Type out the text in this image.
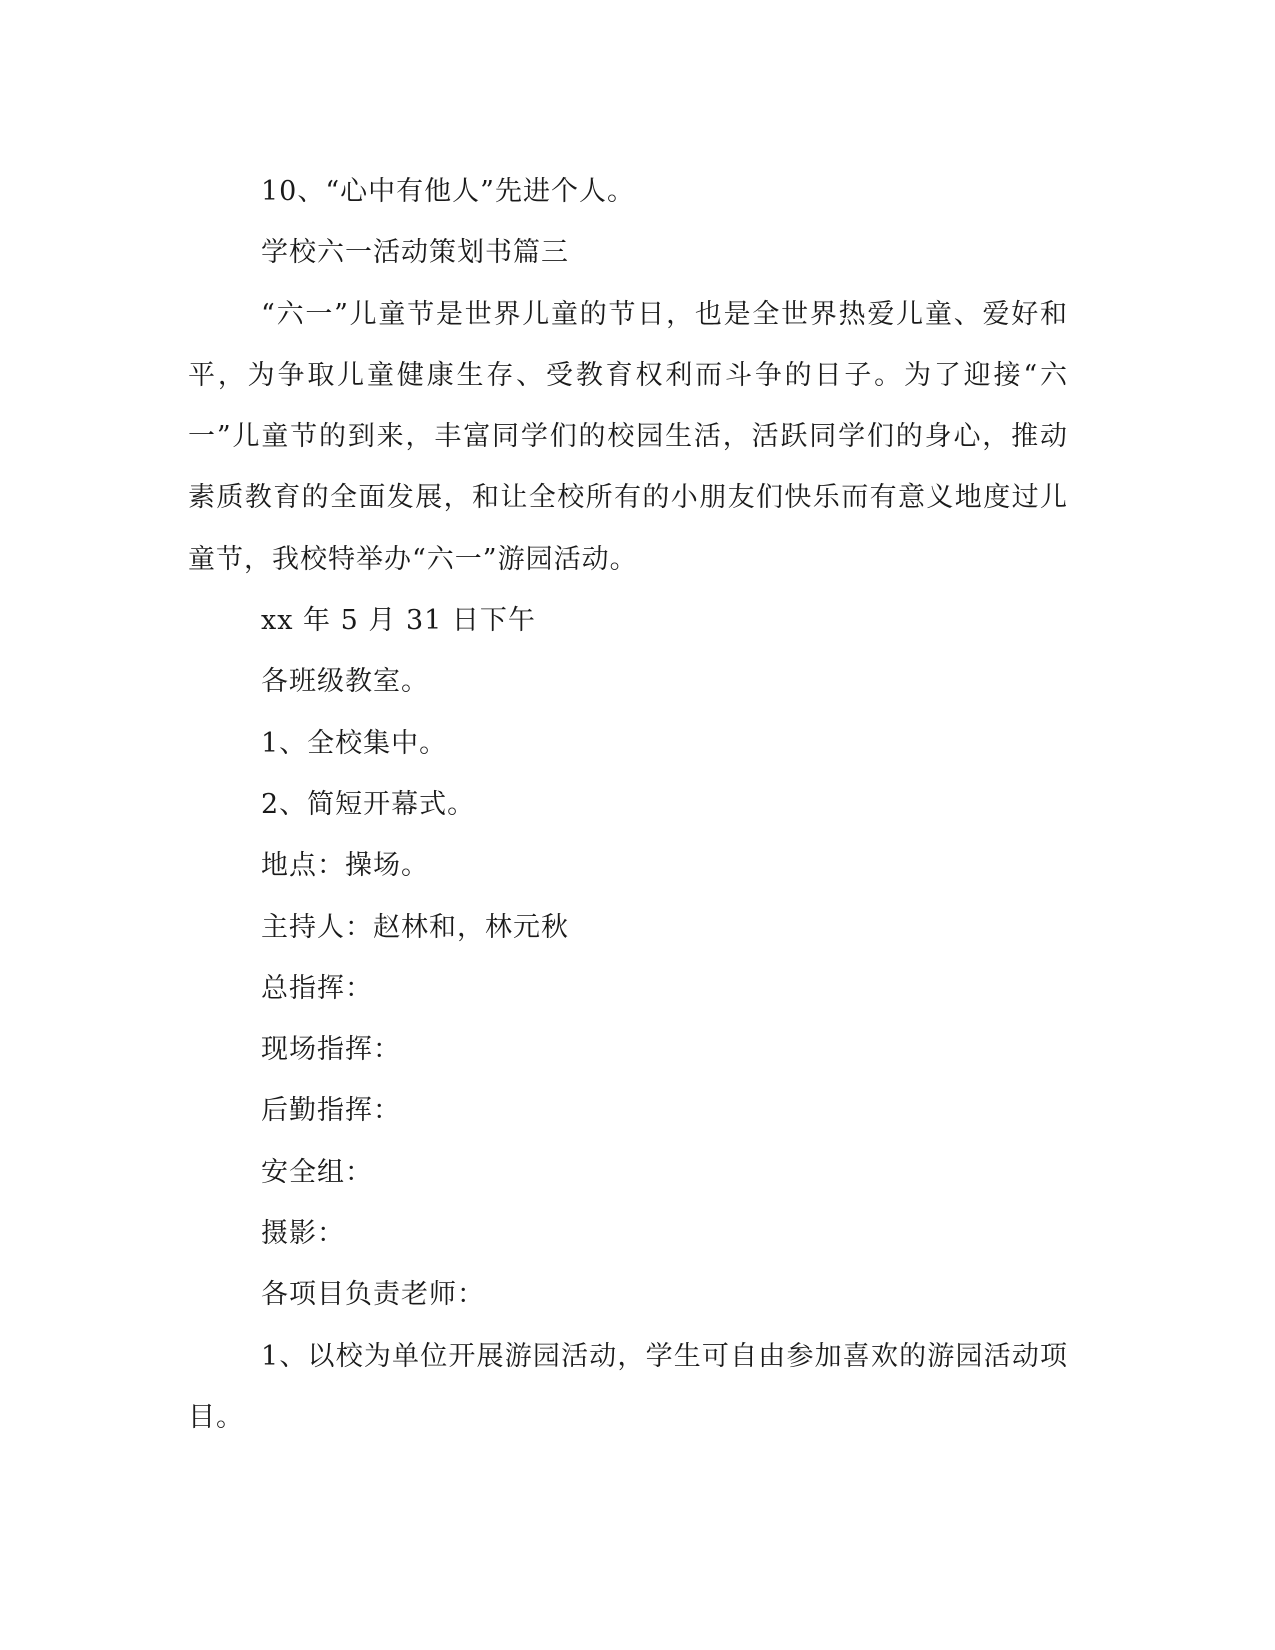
10、“心中有他人”先进个人。

学校六一活动策划书篇三

“六一”儿童节是世界儿童的节日，也是全世界热爱儿童、爱好和平，为争取儿童健康生存、受教育权利而斗争的日子。为了迎接“六一”儿童节的到来，丰富同学们的校园生活，活跃同学们的身心，推动素质教育的全面发展，和让全校所有的小朋友们快乐而有意义地度过儿童节，我校特举办“六一”游园活动。

xx 年 5 月 31 日下午

各班级教室。

1、全校集中。

2、简短开幕式。

地点：操场。

主持人：赵林和，林元秋

总指挥：

现场指挥：

后勤指挥：

安全组：

摄影：

各项目负责老师：

1、以校为单位开展游园活动，学生可自由参加喜欢的游园活动项目。
